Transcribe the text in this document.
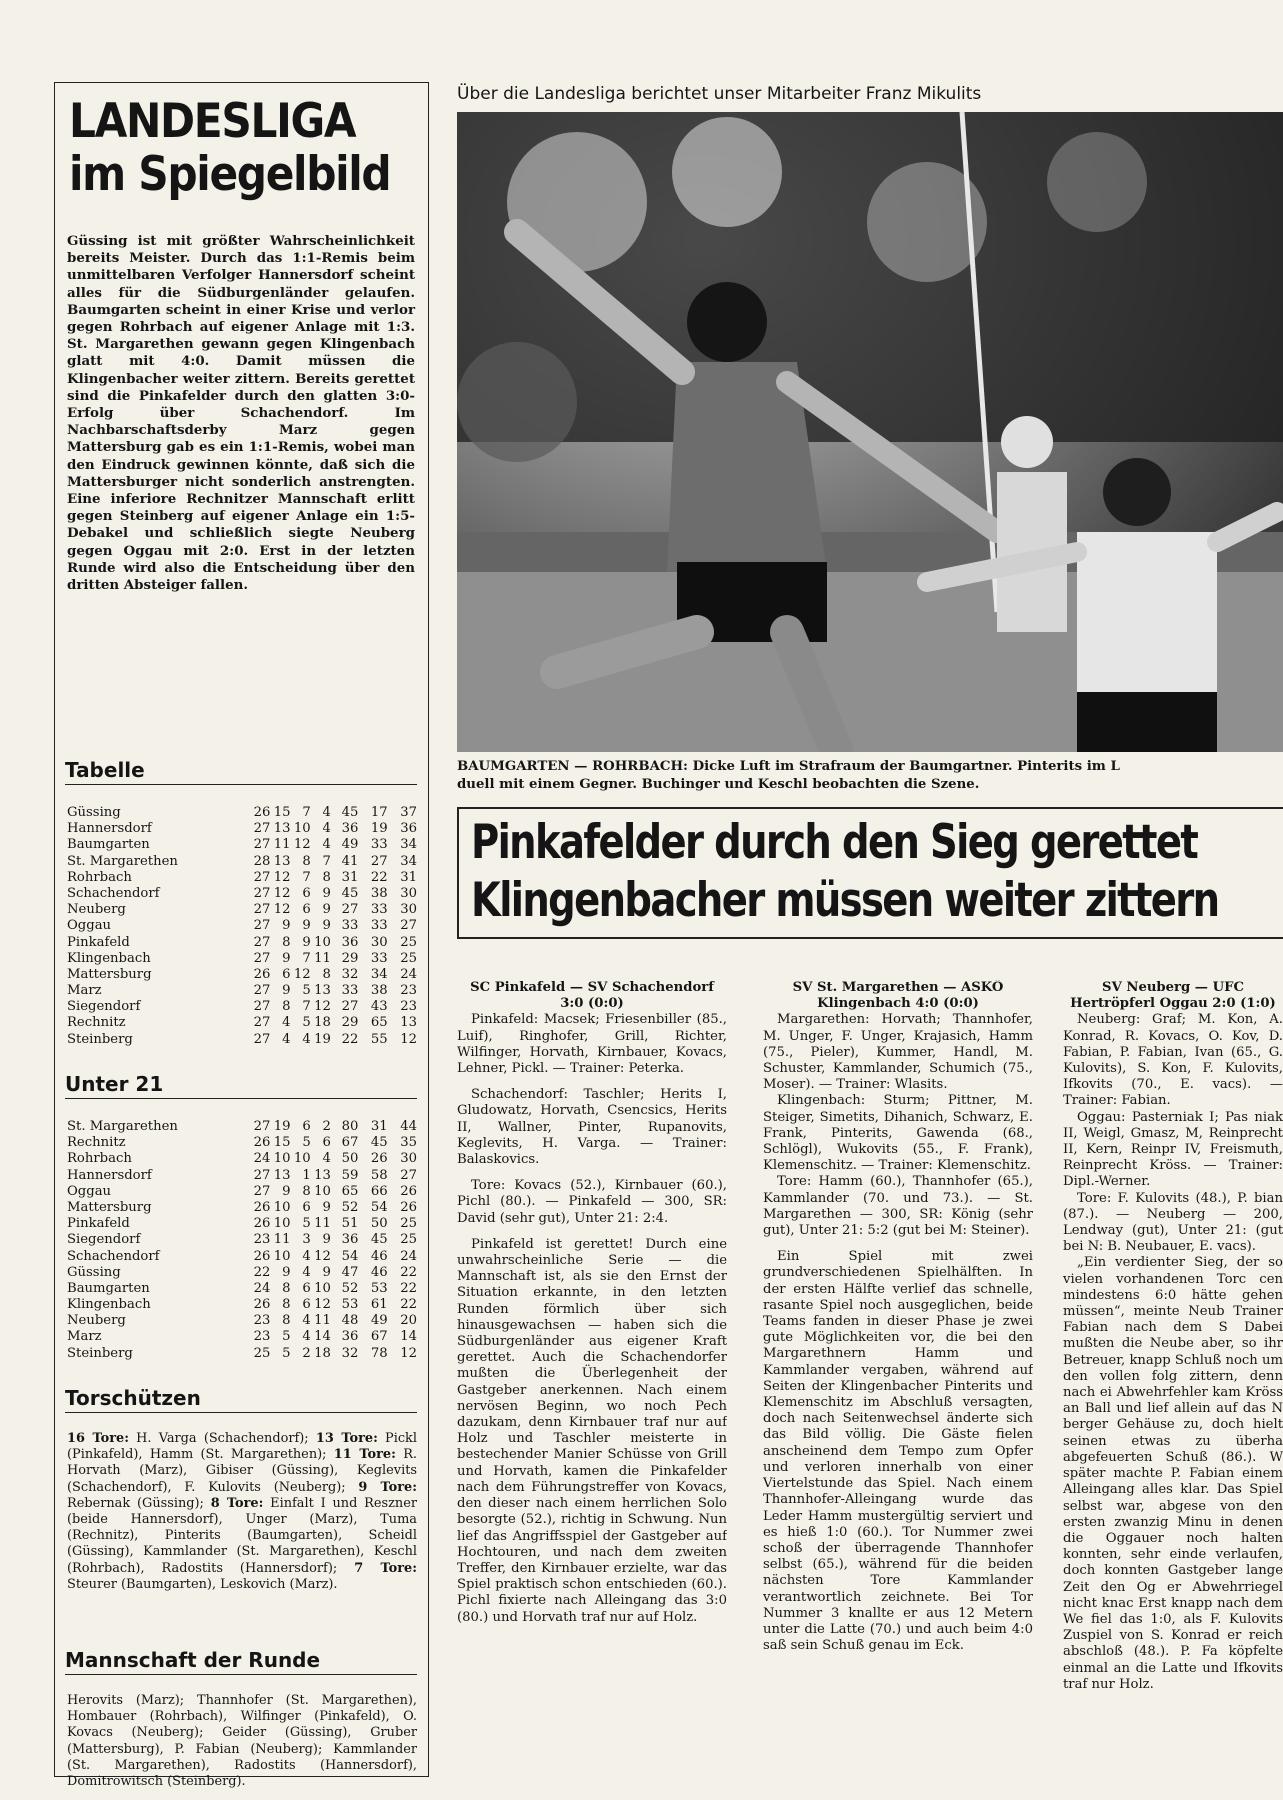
LANDESLIGA
im Spiegelbild

Güssing ist mit größter Wahrscheinlichkeit bereits Meister. Durch das 1:1-Remis beim unmittelbaren Verfolger Hannersdorf scheint alles für die Südburgenländer gelaufen. Baumgarten scheint in einer Krise und verlor gegen Rohrbach auf eigener Anlage mit 1:3. St. Margarethen gewann gegen Klingenbach glatt mit 4:0. Damit müssen die Klingenbacher weiter zittern. Bereits gerettet sind die Pinkafelder durch den glatten 3:0-Erfolg über Schachendorf. Im Nachbarschaftsderby Marz gegen Mattersburg gab es ein 1:1-Remis, wobei man den Eindruck gewinnen könnte, daß sich die Mattersburger nicht sonderlich anstrengten. Eine inferiore Rechnitzer Mannschaft erlitt gegen Steinberg auf eigener Anlage ein 1:5-Debakel und schließlich siegte Neuberg gegen Oggau mit 2:0. Erst in der letzten Runde wird also die Entscheidung über den dritten Absteiger fallen.

Tabelle
Güssing	26 15 7 4 45 17 37
Hannersdorf	27 13 10 4 36 19 36
Baumgarten	27 11 12 4 49 33 34
St. Margarethen	28 13 8 7 41 27 34
Rohrbach	27 12 7 8 31 22 31
Schachendorf	27 12 6 9 45 38 30
Neuberg	27 12 6 9 27 33 30
Oggau	27 9 9 9 33 33 27
Pinkafeld	27 8 9 10 36 30 25
Klingenbach	27 9 7 11 29 33 25
Mattersburg	26 6 12 8 32 34 24
Marz	27 9 5 13 33 38 23
Siegendorf	27 8 7 12 27 43 23
Rechnitz	27 4 5 18 29 65 13
Steinberg	27 4 4 19 22 55 12
Unter 21
St. Margarethen	27 19 6 2 80 31 44
Rechnitz	26 15 5 6 67 45 35
Rohrbach	24 10 10 4 50 26 30
Hannersdorf	27 13 1 13 59 58 27
Oggau	27 9 8 10 65 66 26
Mattersburg	26 10 6 9 52 54 26
Pinkafeld	26 10 5 11 51 50 25
Siegendorf	23 11 3 9 36 45 25
Schachendorf	26 10 4 12 54 46 24
Güssing	22 9 4 9 47 46 22
Baumgarten	24 8 6 10 52 53 22
Klingenbach	26 8 6 12 53 61 22
Neuberg	23 8 4 11 48 49 20
Marz	23 5 4 14 36 67 14
Steinberg	25 5 2 18 32 78 12
Torschützen

16 Tore: H. Varga (Schachendorf); 13 Tore: Pickl (Pinkafeld), Hamm (St. Margarethen); 11 Tore: R. Horvath (Marz), Gibiser (Güssing), Keglevits (Schachendorf), F. Kulovits (Neuberg); 9 Tore: Rebernak (Güssing); 8 Tore: Einfalt I und Reszner (beide Hannersdorf), Unger (Marz), Tuma (Rechnitz), Pinterits (Baumgarten), Scheidl (Güssing), Kammlander (St. Margarethen), Keschl (Rohrbach), Radostits (Hannersdorf); 7 Tore: Steurer (Baumgarten), Leskovich (Marz).

Mannschaft der Runde

Herovits (Marz); Thannhofer (St. Margarethen), Hombauer (Rohrbach), Wilfinger (Pinkafeld), O. Kovacs (Neuberg); Geider (Güssing), Gruber (Mattersburg), P. Fabian (Neuberg); Kammlander (St. Margarethen), Radostits (Hannersdorf), Domitrowitsch (Steinberg).

Über die Landesliga berichtet unser Mitarbeiter Franz Mikulits

BAUMGARTEN — ROHRBACH: Dicke Luft im Strafraum der Baumgartner. Pinterits im L
duell mit einem Gegner. Buchinger und Keschl beobachten die Szene.

Pinkafelder durch den Sieg gerettet

Klingenbacher müssen weiter zittern

SC Pinkafeld — SV Schachendorf 3:0 (0:0)

Pinkafeld: Macsek; Friesenbiller (85., Luif), Ringhofer, Grill, Richter, Wilfinger, Horvath, Kirnbauer, Kovacs, Lehner, Pickl. — Trainer: Peterka.

Schachendorf: Taschler; Herits I, Gludowatz, Horvath, Csencsics, Herits II, Wallner, Pinter, Rupanovits, Keglevits, H. Varga. — Trainer: Balaskovics.

Tore: Kovacs (52.), Kirnbauer (60.), Pichl (80.). — Pinkafeld — 300, SR: David (sehr gut), Unter 21: 2:4.

Pinkafeld ist gerettet! Durch eine unwahrscheinliche Serie — die Mannschaft ist, als sie den Ernst der Situation erkannte, in den letzten Runden förmlich über sich hinausgewachsen — haben sich die Südburgenländer aus eigener Kraft gerettet. Auch die Schachendorfer mußten die Überlegenheit der Gastgeber anerkennen. Nach einem nervösen Beginn, wo noch Pech dazukam, denn Kirnbauer traf nur auf Holz und Taschler meisterte in bestechender Manier Schüsse von Grill und Horvath, kamen die Pinkafelder nach dem Führungstreffer von Kovacs, den dieser nach einem herrlichen Solo besorgte (52.), richtig in Schwung. Nun lief das Angriffsspiel der Gastgeber auf Hochtouren, und nach dem zweiten Treffer, den Kirnbauer erzielte, war das Spiel praktisch schon entschieden (60.). Pichl fixierte nach Alleingang das 3:0 (80.) und Horvath traf nur auf Holz.

SV St. Margarethen — ASKÖ Klingenbach 4:0 (0:0)

Margarethen: Horvath; Thannhofer, M. Unger, F. Unger, Krajasich, Hamm (75., Pieler), Kummer, Handl, M. Schuster, Kammlander, Schumich (75., Moser). — Trainer: Wlasits.

Klingenbach: Sturm; Pittner, M. Steiger, Simetits, Dihanich, Schwarz, E. Frank, Pinterits, Gawenda (68., Schlögl), Wukovits (55., F. Frank), Klemenschitz. — Trainer: Klemenschitz.

Tore: Hamm (60.), Thannhofer (65.), Kammlander (70. und 73.). — St. Margarethen — 300, SR: König (sehr gut), Unter 21: 5:2 (gut bei M: Steiner).

Ein Spiel mit zwei grundverschiedenen Spielhälften. In der ersten Hälfte verlief das schnelle, rasante Spiel noch ausgeglichen, beide Teams fanden in dieser Phase je zwei gute Möglichkeiten vor, die bei den Margarethnern Hamm und Kammlander vergaben, während auf Seiten der Klingenbacher Pinterits und Klemenschitz im Abschluß versagten, doch nach Seitenwechsel änderte sich das Bild völlig. Die Gäste fielen anscheinend dem Tempo zum Opfer und verloren innerhalb von einer Viertelstunde das Spiel. Nach einem Thannhofer-Alleingang wurde das Leder Hamm mustergültig serviert und es hieß 1:0 (60.). Tor Nummer zwei schoß der überragende Thannhofer selbst (65.), während für die beiden nächsten Tore Kammlander verantwortlich zeichnete. Bei Tor Nummer 3 knallte er aus 12 Metern unter die Latte (70.) und auch beim 4:0 saß sein Schuß genau im Eck.

SV Neuberg — UFC Hertröpferl Oggau 2:0 (1:0)

Neuberg: Graf; M. Kon, A. Konrad, R. Kovacs, O. Kov, D. Fabian, P. Fabian, Ivan (65., G. Kulovits), S. Kon, F. Kulovits, Ifkovits (70., E. vacs). — Trainer: Fabian.

Oggau: Pasterniak I; Pas niak II, Weigl, Gmasz, M, Reinprecht II, Kern, Reinpr IV, Freismuth, Reinprecht Kröss. — Trainer: Dipl.-Werner.

Tore: F. Kulovits (48.), P. bian (87.). — Neuberg — 200, Lendway (gut), Unter 21: (gut bei N: B. Neubauer, E. vacs).

„Ein verdienter Sieg, der so vielen vorhandenen Torc cen mindestens 6:0 hätte gehen müssen“, meinte Neub Trainer Fabian nach dem S Dabei mußten die Neube aber, so ihr Betreuer, knapp Schluß noch um den vollen folg zittern, denn nach ei Abwehrfehler kam Kröss an Ball und lief allein auf das N berger Gehäuse zu, doch hielt seinen etwas zu überha abgefeuerten Schuß (86.). W später machte P. Fabian einem Alleingang alles klar. Das Spiel selbst war, abgese von den ersten zwanzig Minu in denen die Oggauer noch halten konnten, sehr einde verlaufen, doch konnten Gastgeber lange Zeit den Og er Abwehrriegel nicht knac Erst knapp nach dem We fiel das 1:0, als F. Kulovits Zuspiel von S. Konrad er reich abschloß (48.). P. Fa köpfelte einmal an die Latte und Ifkovits traf nur Holz.
